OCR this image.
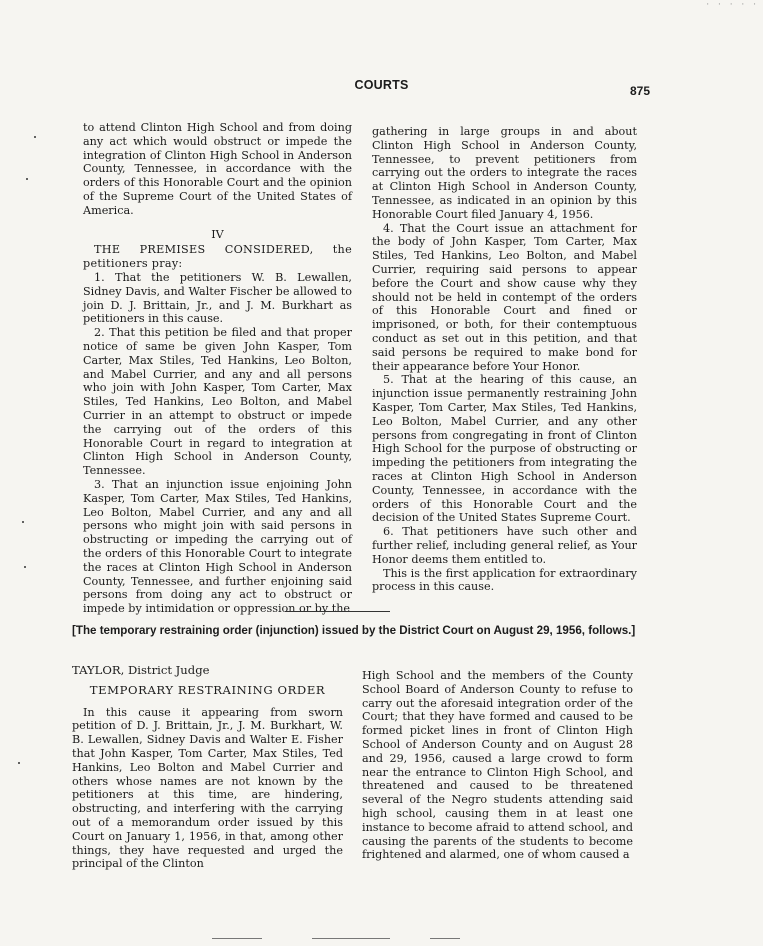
· · · · ·
COURTS	875

to attend Clinton High School and from doing any act which would obstruct or impede the integration of Clinton High School in Anderson County, Tennessee, in accordance with the orders of this Honorable Court and the opinion of the Supreme Court of the United States of America.

IV

THE PREMISES CONSIDERED, the petitioners pray:

1. That the petitioners W. B. Lewallen, Sidney Davis, and Walter Fischer be allowed to join D. J. Brittain, Jr., and J. M. Burkhart as petitioners in this cause.

2. That this petition be filed and that proper notice of same be given John Kasper, Tom Carter, Max Stiles, Ted Hankins, Leo Bolton, and Mabel Currier, and any and all persons who join with John Kasper, Tom Carter, Max Stiles, Ted Hankins, Leo Bolton, and Mabel Currier in an attempt to obstruct or impede the carrying out of the orders of this Honorable Court in regard to integration at Clinton High School in Anderson County, Tennessee.

3. That an injunction issue enjoining John Kasper, Tom Carter, Max Stiles, Ted Hankins, Leo Bolton, Mabel Currier, and any and all persons who might join with said persons in obstructing or impeding the carrying out of the orders of this Honorable Court to integrate the races at Clinton High School in Anderson County, Tennessee, and further enjoining said persons from doing any act to obstruct or impede by intimidation or oppression or by the

gathering in large groups in and about Clinton High School in Anderson County, Tennessee, to prevent petitioners from carrying out the orders to integrate the races at Clinton High School in Anderson County, Tennessee, as indicated in an opinion by this Honorable Court filed January 4, 1956.

4. That the Court issue an attachment for the body of John Kasper, Tom Carter, Max Stiles, Ted Hankins, Leo Bolton, and Mabel Currier, requiring said persons to appear before the Court and show cause why they should not be held in contempt of the orders of this Honorable Court and fined or imprisoned, or both, for their contemptuous conduct as set out in this petition, and that said persons be required to make bond for their appearance before Your Honor.

5. That at the hearing of this cause, an injunction issue permanently restraining John Kasper, Tom Carter, Max Stiles, Ted Hankins, Leo Bolton, Mabel Currier, and any other persons from congregating in front of Clinton High School for the purpose of obstructing or impeding the petitioners from integrating the races at Clinton High School in Anderson County, Tennessee, in accordance with the orders of this Honorable Court and the decision of the United States Supreme Court.

6. That petitioners have such other and further relief, including general relief, as Your Honor deems them entitled to.

This is the first application for extraordinary process in this cause.

[The temporary restraining order (injunction) issued by the District Court on August 29, 1956, follows.]

TAYLOR, District Judge

TEMPORARY RESTRAINING ORDER

In this cause it appearing from sworn petition of D. J. Brittain, Jr., J. M. Burkhart, W. B. Lewallen, Sidney Davis and Walter E. Fisher that John Kasper, Tom Carter, Max Stiles, Ted Hankins, Leo Bolton and Mabel Currier and others whose names are not known by the petitioners at this time, are hindering, obstructing, and interfering with the carrying out of a memorandum order issued by this Court on January 1, 1956, in that, among other things, they have requested and urged the principal of the Clinton

High School and the members of the County School Board of Anderson County to refuse to carry out the aforesaid integration order of the Court; that they have formed and caused to be formed picket lines in front of Clinton High School of Anderson County and on August 28 and 29, 1956, caused a large crowd to form near the entrance to Clinton High School, and threatened and caused to be threatened several of the Negro students attending said high school, causing them in at least one instance to become afraid to attend school, and causing the parents of the students to become frightened and alarmed, one of whom caused a
